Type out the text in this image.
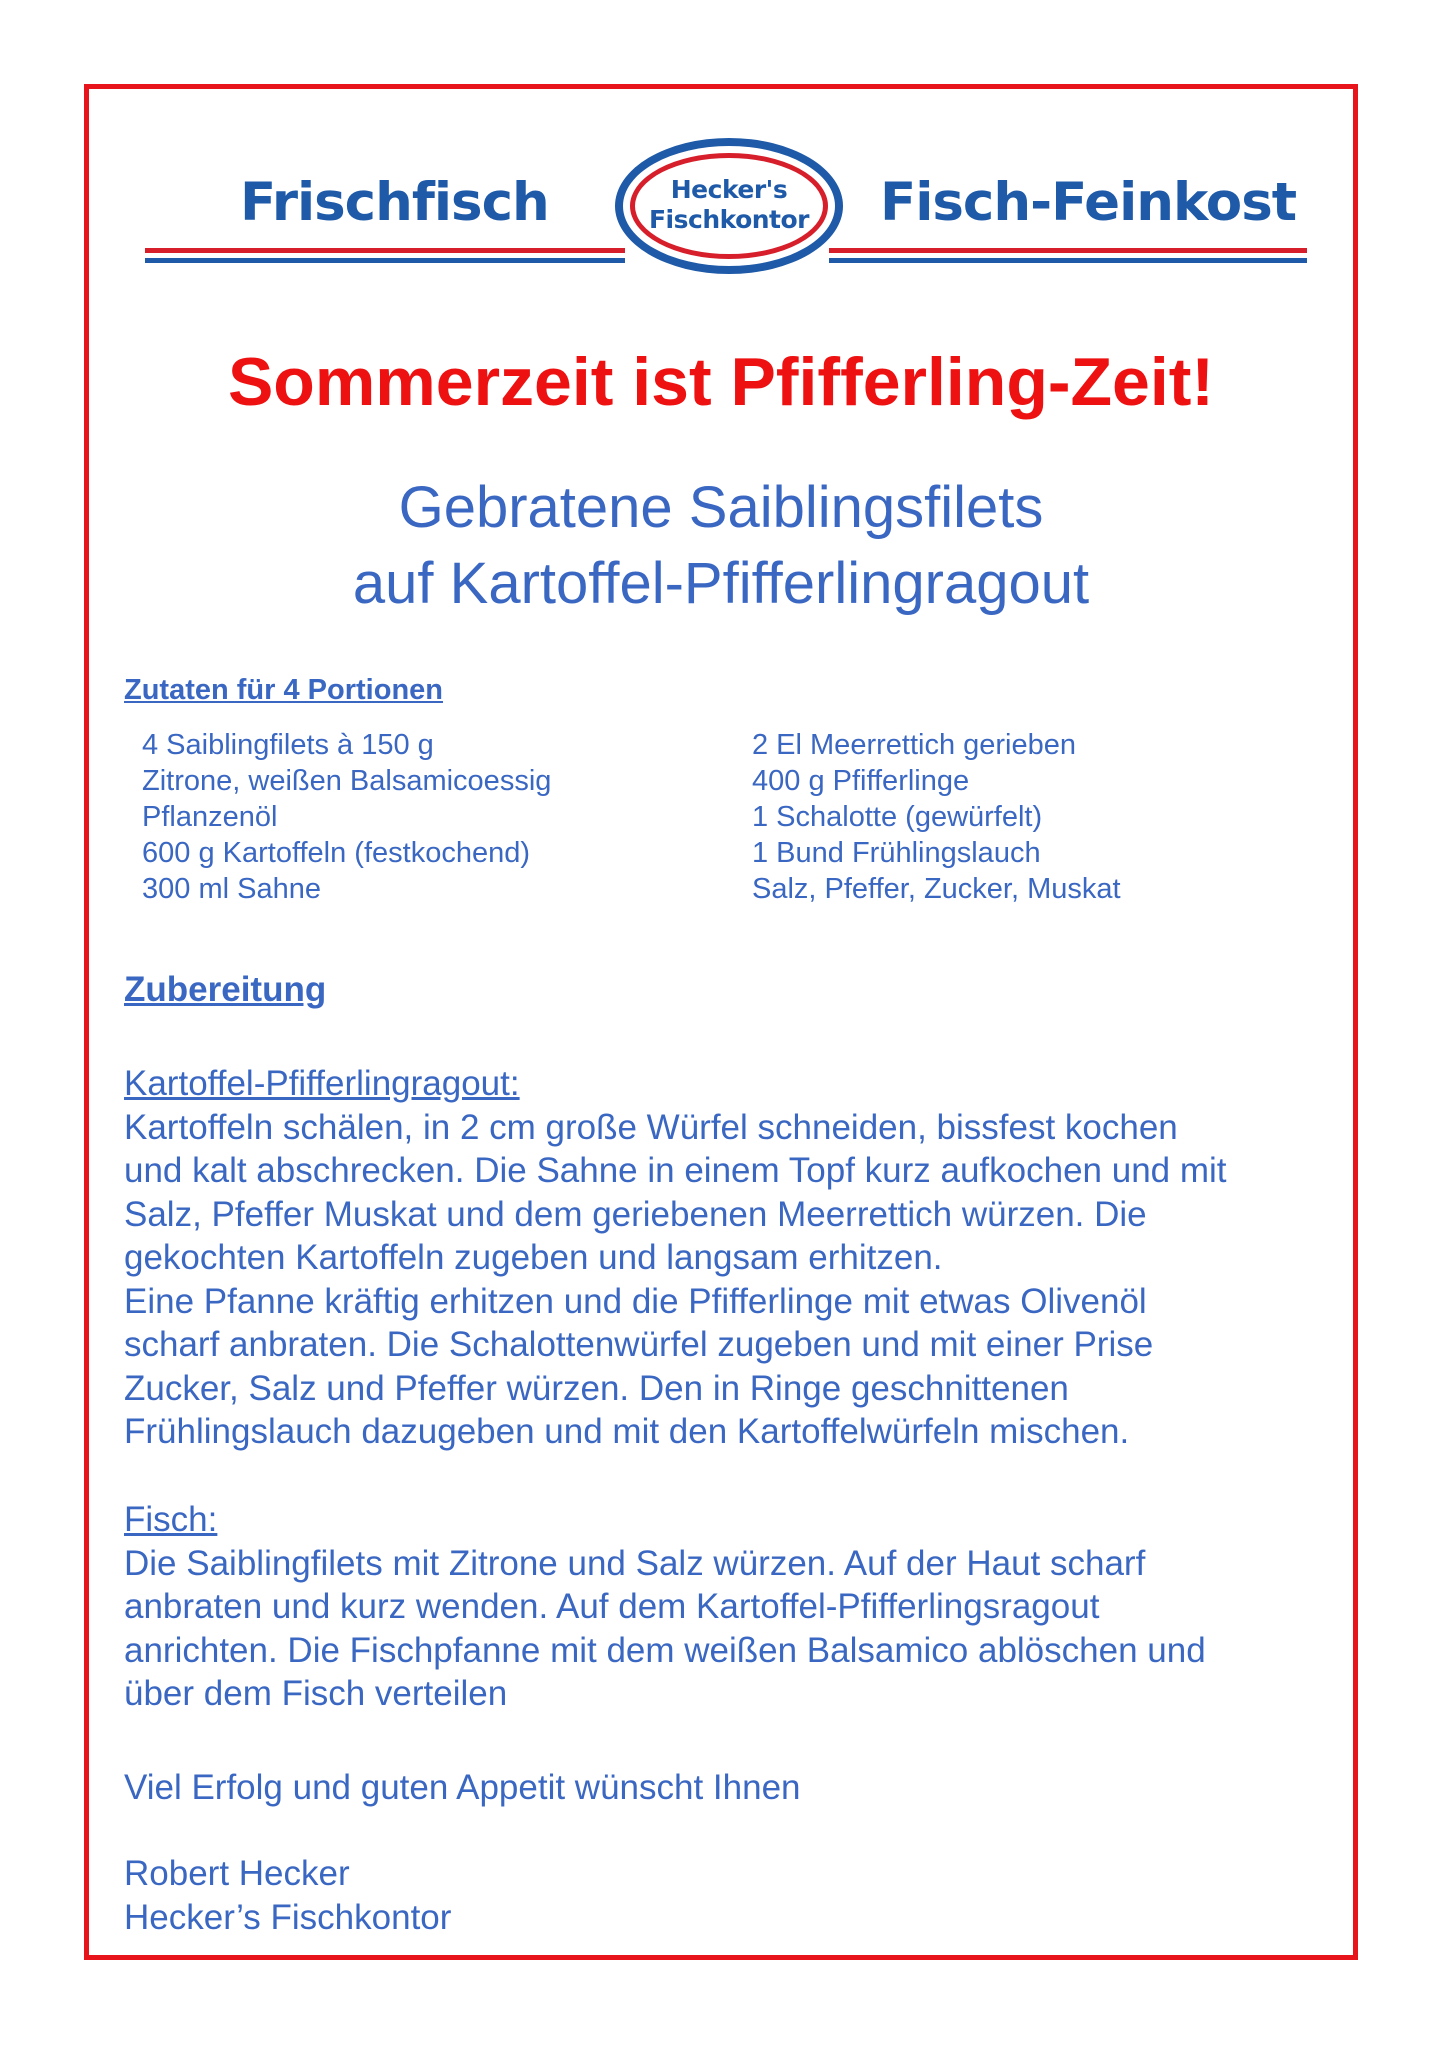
Frischfisch	Fisch-Feinkost
Hecker's
Fischkontor
Sommerzeit ist Pfifferling-Zeit!
Gebratene Saiblingsfilets
auf Kartoffel-Pfifferlingragout
Zutaten für 4 Portionen
4 Saiblingfilets à 150 g
Zitrone, weißen Balsamicoessig
Pflanzenöl
600 g Kartoffeln (festkochend)
300 ml Sahne
2 El Meerrettich gerieben
400 g Pfifferlinge
1 Schalotte (gewürfelt)
1 Bund Frühlingslauch
Salz, Pfeffer, Zucker, Muskat
Zubereitung
Kartoffel-Pfifferlingragout:
Kartoffeln schälen, in 2 cm große Würfel schneiden, bissfest kochen
und kalt abschrecken. Die Sahne in einem Topf kurz aufkochen und mit
Salz, Pfeffer Muskat und dem geriebenen Meerrettich würzen. Die
gekochten Kartoffeln zugeben und langsam erhitzen.
Eine Pfanne kräftig erhitzen und die Pfifferlinge mit etwas Olivenöl
scharf anbraten. Die Schalottenwürfel zugeben und mit einer Prise
Zucker, Salz und Pfeffer würzen. Den in Ringe geschnittenen
Frühlingslauch dazugeben und mit den Kartoffelwürfeln mischen.
Fisch:
Die Saiblingfilets mit Zitrone und Salz würzen. Auf der Haut scharf
anbraten und kurz wenden. Auf dem Kartoffel-Pfifferlingsragout
anrichten. Die Fischpfanne mit dem weißen Balsamico ablöschen und
über dem Fisch verteilen
Viel Erfolg und guten Appetit wünscht Ihnen
Robert Hecker
Hecker’s Fischkontor
